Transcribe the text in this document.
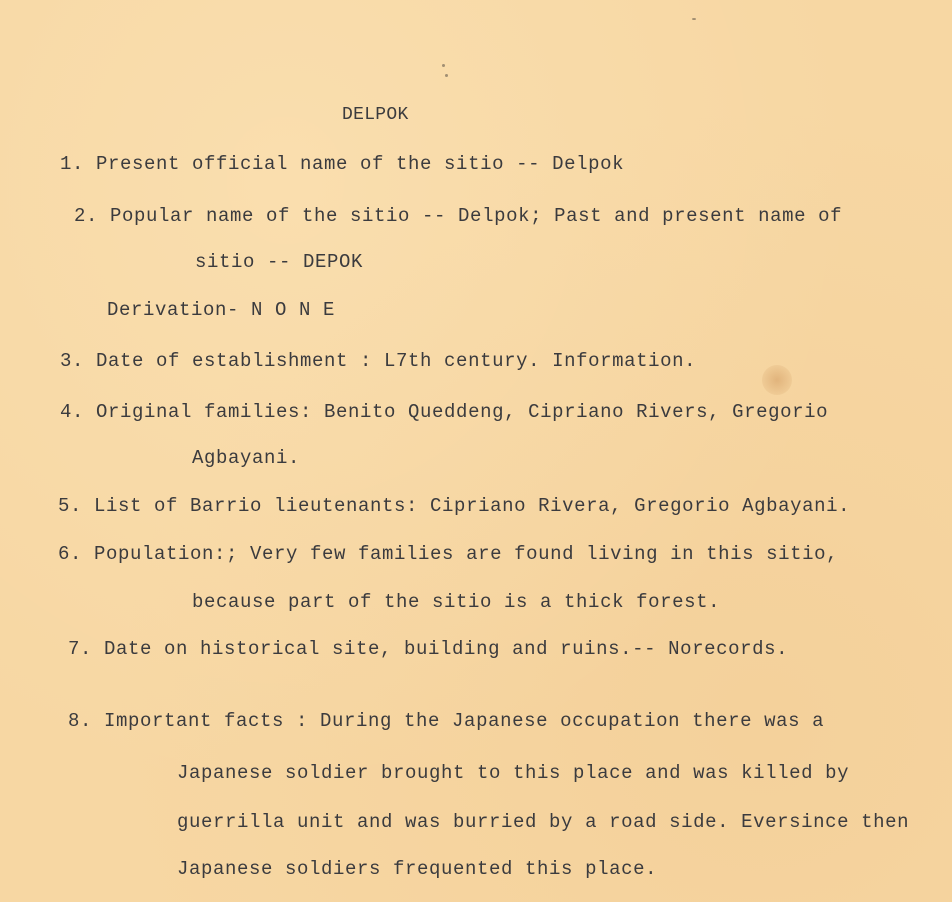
DELPOK
1. Present official name of the sitio -- Delpok
2. Popular name of the sitio -- Delpok; Past and present name of
sitio -- DEPOK
Derivation- N O N E
3. Date of establishment : L7th century. Information.
4. Original families: Benito Queddeng, Cipriano Rivers, Gregorio
Agbayani.
5. List of Barrio lieutenants: Cipriano Rivera, Gregorio Agbayani.
6. Population:; Very few families are found living in this sitio,
because part of the sitio is a thick forest.
7. Date on historical site, building and ruins.-- Norecords.
8. Important facts : During the Japanese occupation there was a
Japanese soldier brought to this place and was killed by
guerrilla unit and was burried by a road side. Eversince then
Japanese soldiers frequented this place.
